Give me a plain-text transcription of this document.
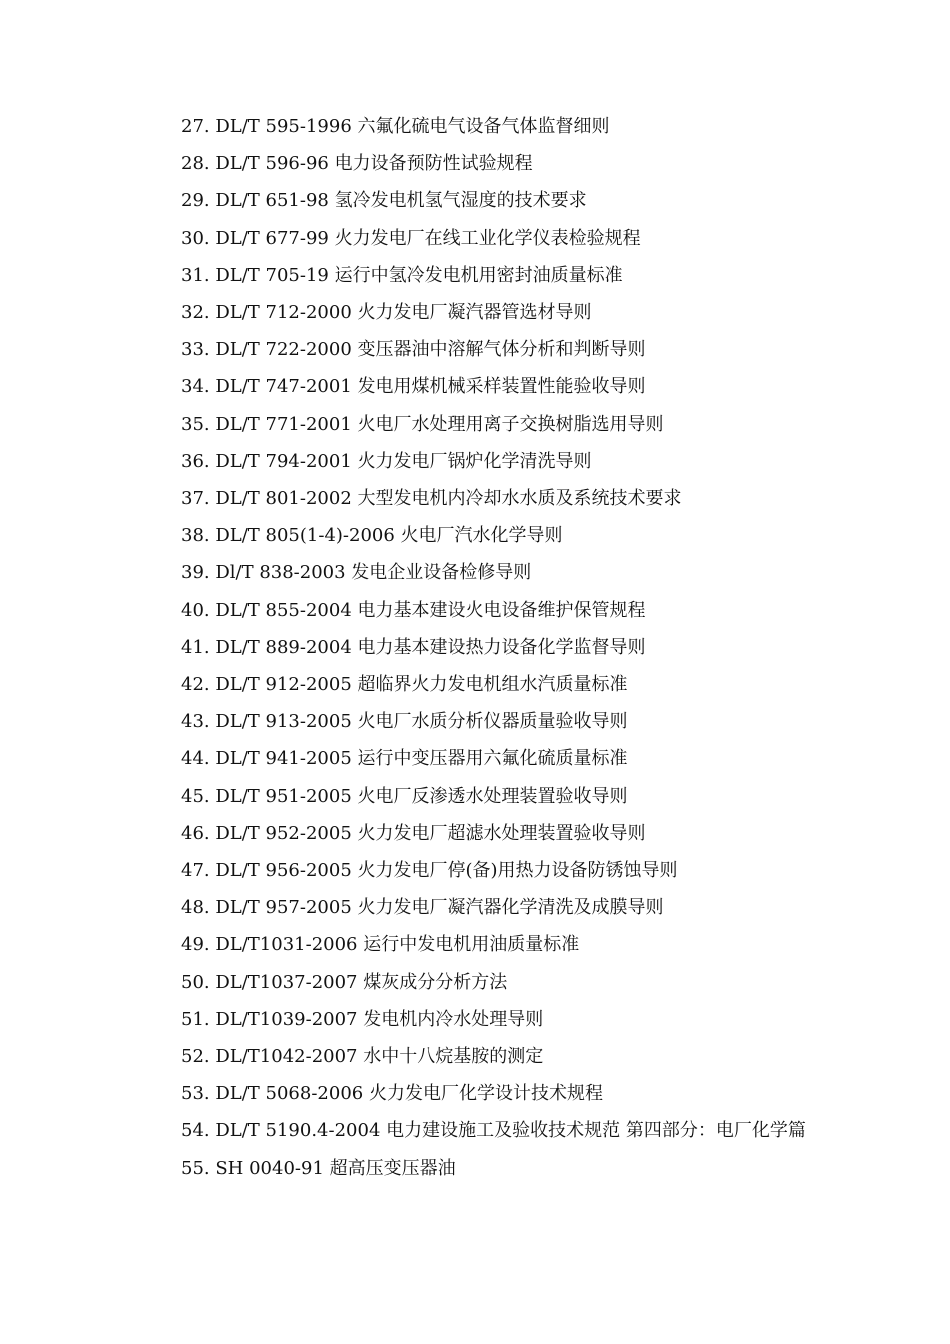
27. DL/T 595-1996 六氟化硫电气设备气体监督细则
28. DL/T 596-96 电力设备预防性试验规程
29. DL/T 651-98 氢冷发电机氢气湿度的技术要求
30. DL/T 677-99 火力发电厂在线工业化学仪表检验规程
31. DL/T 705-19 运行中氢冷发电机用密封油质量标准
32. DL/T 712-2000 火力发电厂凝汽器管选材导则
33. DL/T 722-2000 变压器油中溶解气体分析和判断导则
34. DL/T 747-2001 发电用煤机械采样装置性能验收导则
35. DL/T 771-2001 火电厂水处理用离子交换树脂选用导则
36. DL/T 794-2001 火力发电厂锅炉化学清洗导则
37. DL/T 801-2002 大型发电机内冷却水水质及系统技术要求
38. DL/T 805(1-4)-2006 火电厂汽水化学导则
39. Dl/T 838-2003 发电企业设备检修导则
40. DL/T 855-2004 电力基本建设火电设备维护保管规程
41. DL/T 889-2004 电力基本建设热力设备化学监督导则
42. DL/T 912-2005 超临界火力发电机组水汽质量标准
43. DL/T 913-2005 火电厂水质分析仪器质量验收导则
44. DL/T 941-2005 运行中变压器用六氟化硫质量标准
45. DL/T 951-2005 火电厂反渗透水处理装置验收导则
46. DL/T 952-2005 火力发电厂超滤水处理装置验收导则
47. DL/T 956-2005 火力发电厂停(备)用热力设备防锈蚀导则
48. DL/T 957-2005 火力发电厂凝汽器化学清洗及成膜导则
49. DL/T1031-2006 运行中发电机用油质量标准
50. DL/T1037-2007 煤灰成分分析方法
51. DL/T1039-2007 发电机内冷水处理导则
52. DL/T1042-2007 水中十八烷基胺的测定
53. DL/T 5068-2006 火力发电厂化学设计技术规程
54. DL/T 5190.4-2004 电力建设施工及验收技术规范 第四部分：电厂化学篇
55. SH 0040-91 超高压变压器油
